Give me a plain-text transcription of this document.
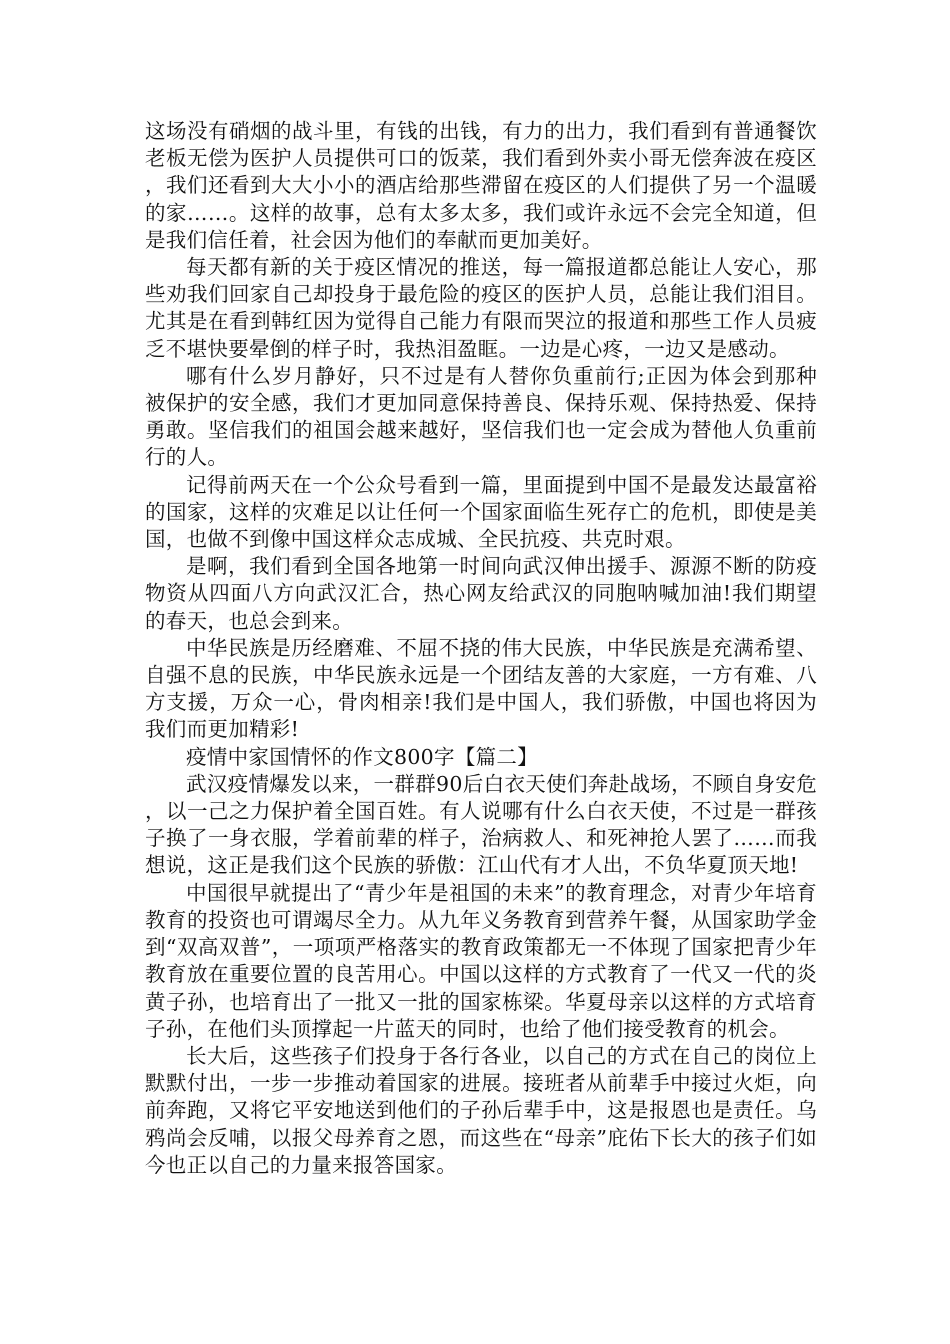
这场没有硝烟的战斗里，有钱的出钱，有力的出力，我们看到有普通餐饮老板无偿为医护人员提供可口的饭菜，我们看到外卖小哥无偿奔波在疫区，我们还看到大大小小的酒店给那些滞留在疫区的人们提供了另一个温暖的家……。这样的故事，总有太多太多，我们或许永远不会完全知道，但是我们信任着，社会因为他们的奉献而更加美好。

每天都有新的关于疫区情况的推送，每一篇报道都总能让人安心，那些劝我们回家自己却投身于最危险的疫区的医护人员，总能让我们泪目。尤其是在看到韩红因为觉得自己能力有限而哭泣的报道和那些工作人员疲乏不堪快要晕倒的样子时，我热泪盈眶。一边是心疼，一边又是感动。

哪有什么岁月静好，只不过是有人替你负重前行;正因为体会到那种被保护的安全感，我们才更加同意保持善良、保持乐观、保持热爱、保持勇敢。坚信我们的祖国会越来越好，坚信我们也一定会成为替他人负重前行的人。

记得前两天在一个公众号看到一篇，里面提到中国不是最发达最富裕的国家，这样的灾难足以让任何一个国家面临生死存亡的危机，即使是美国，也做不到像中国这样众志成城、全民抗疫、共克时艰。

是啊，我们看到全国各地第一时间向武汉伸出援手、源源不断的防疫物资从四面八方向武汉汇合，热心网友给武汉的同胞呐喊加油!我们期望的春天，也总会到来。

中华民族是历经磨难、不屈不挠的伟大民族，中华民族是充满希望、自强不息的民族，中华民族永远是一个团结友善的大家庭，一方有难、八方支援，万众一心，骨肉相亲!我们是中国人，我们骄傲，中国也将因为我们而更加精彩!

疫情中家国情怀的作文800字【篇二】

武汉疫情爆发以来，一群群90后白衣天使们奔赴战场，不顾自身安危，以一己之力保护着全国百姓。有人说哪有什么白衣天使，不过是一群孩子换了一身衣服，学着前辈的样子，治病救人、和死神抢人罢了……而我想说，这正是我们这个民族的骄傲：江山代有才人出，不负华夏顶天地!

中国很早就提出了“青少年是祖国的未来”的教育理念，对青少年培育教育的投资也可谓竭尽全力。从九年义务教育到营养午餐，从国家助学金到“双高双普”，一项项严格落实的教育政策都无一不体现了国家把青少年教育放在重要位置的良苦用心。中国以这样的方式教育了一代又一代的炎黄子孙，也培育出了一批又一批的国家栋梁。华夏母亲以这样的方式培育子孙，在他们头顶撑起一片蓝天的同时，也给了他们接受教育的机会。

长大后，这些孩子们投身于各行各业，以自己的方式在自己的岗位上默默付出，一步一步推动着国家的进展。接班者从前辈手中接过火炬，向前奔跑，又将它平安地送到他们的子孙后辈手中，这是报恩也是责任。乌鸦尚会反哺，以报父母养育之恩，而这些在“母亲”庇佑下长大的孩子们如今也正以自己的力量来报答国家。
